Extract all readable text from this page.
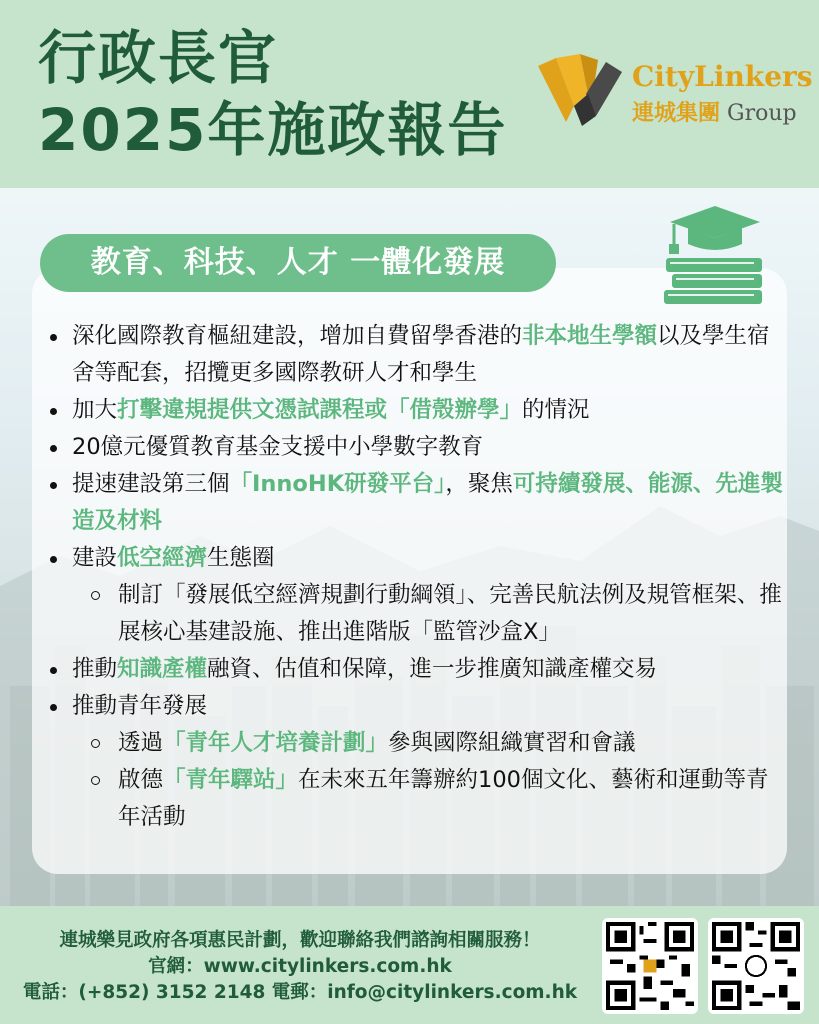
行政長官
2025年施政報告
CityLinkers
連城集團 Group
教育、科技、人才 一體化發展
深化國際教育樞紐建設，增加自費留學香港的非本地生學額以及學生宿舍等配套，招攬更多國際教研人才和學生
加大打擊違規提供文憑試課程或「借殼辦學」的情況
20億元優質教育基金支援中小學數字教育
提速建設第三個「InnoHK研發平台」，聚焦可持續發展、能源、先進製造及材料
建設低空經濟生態圈
制訂「發展低空經濟規劃行動綱領」、完善民航法例及規管框架、推展核心基建設施、推出進階版「監管沙盒X」
推動知識產權融資、估值和保障，進一步推廣知識產權交易
推動青年發展
透過「青年人才培養計劃」參與國際組織實習和會議
啟德「青年驛站」在未來五年籌辦約100個文化、藝術和運動等青年活動
連城樂見政府各項惠民計劃，歡迎聯絡我們諮詢相關服務！
官網：www.citylinkers.com.hk
電話：(+852) 3152 2148 電郵：info@citylinkers.com.hk
